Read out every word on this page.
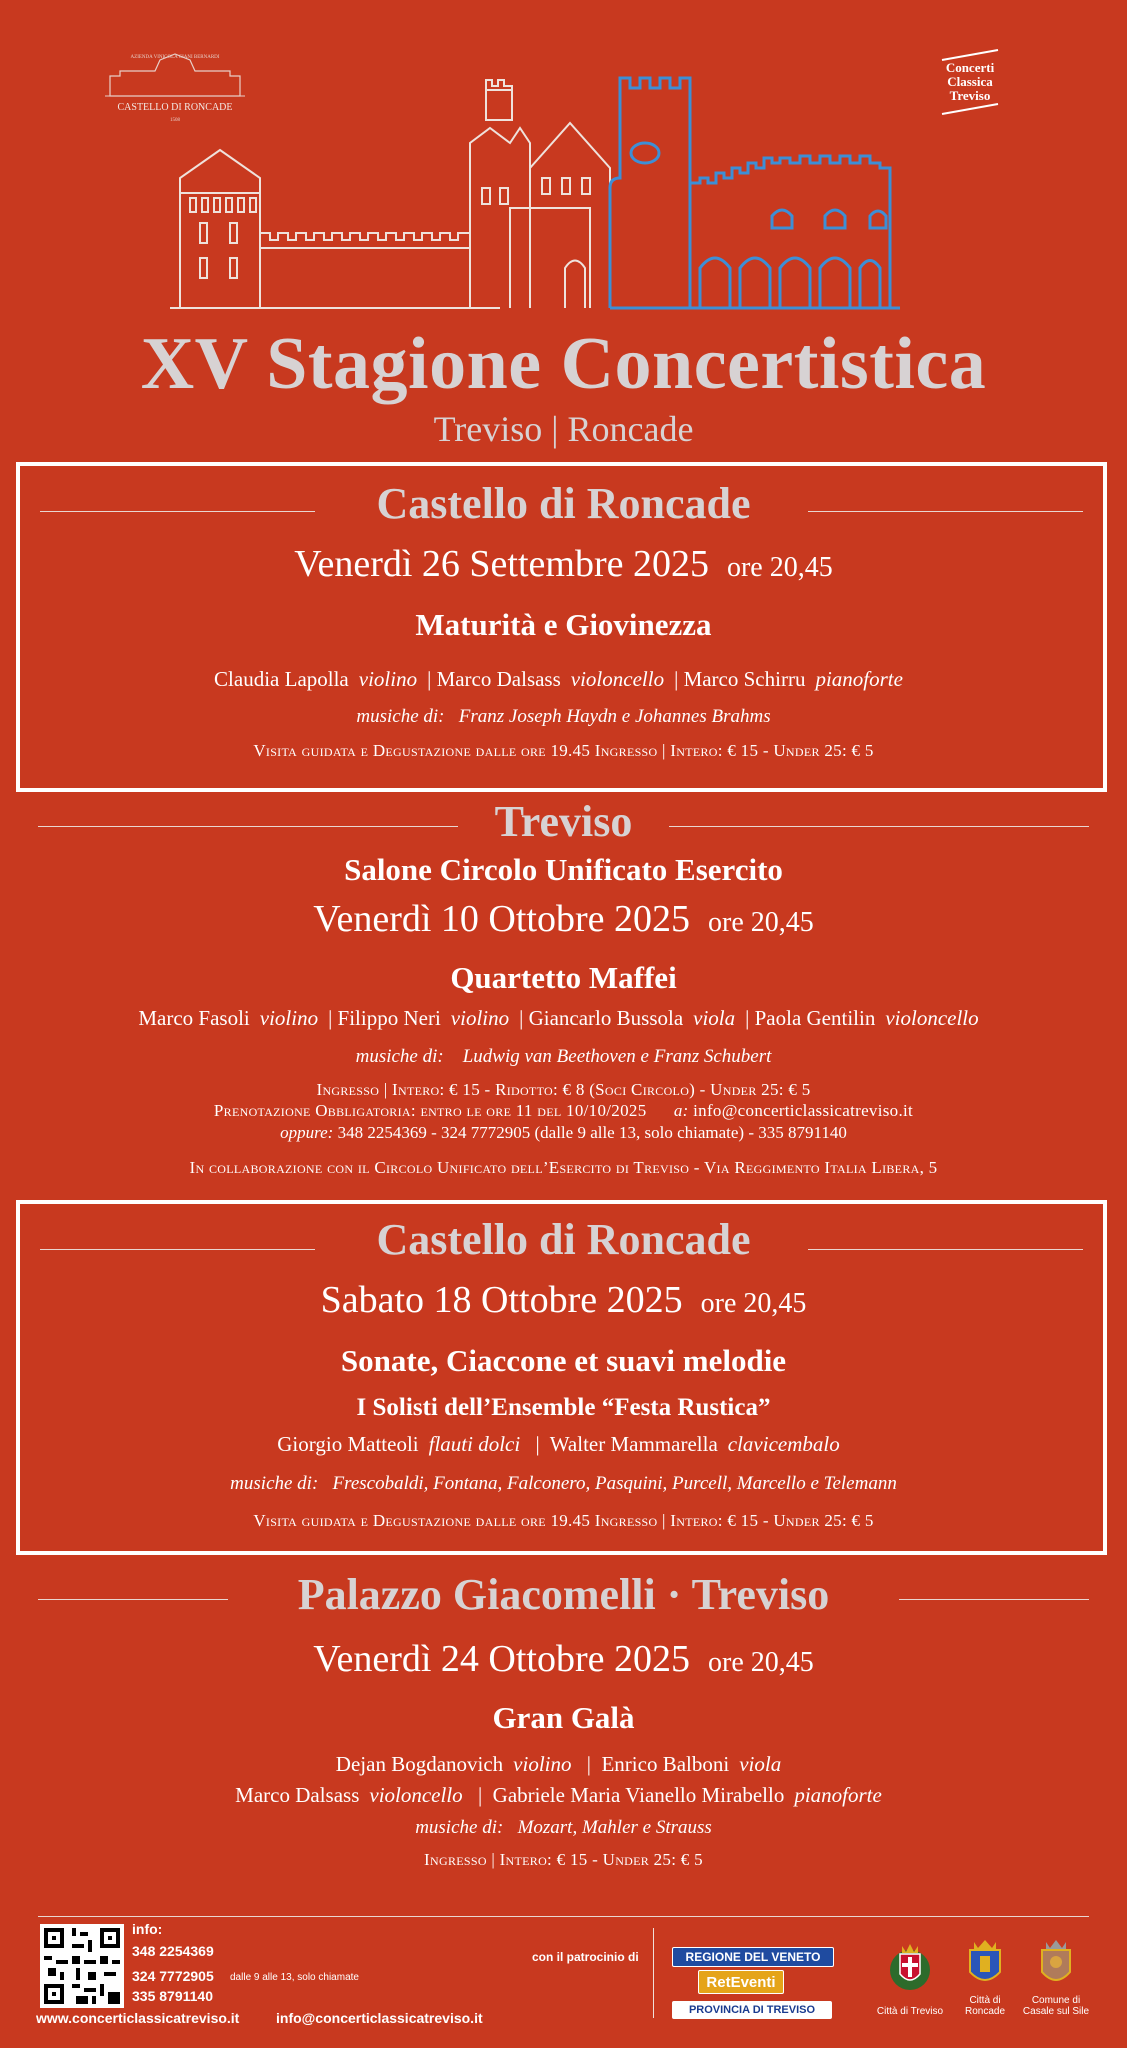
AZIENDA VINICOLA CIANI BERNARDI
CASTELLO DI RONCADE
1508
Concerti
Classica
Treviso
XV Stagione Concertistica
Treviso | Roncade
Castello di Roncade
Venerdì 26 Settembre 2025 ore 20,45
Maturità e Giovinezza
Claudia Lapolla violino | Marco Dalsass violoncello | Marco Schirru pianoforte
musiche di: Franz Joseph Haydn e Johannes Brahms
Visita guidata e Degustazione dalle ore 19.45 Ingresso | Intero: € 15 - Under 25: € 5
Treviso
Salone Circolo Unificato Esercito
Venerdì 10 Ottobre 2025 ore 20,45
Quartetto Maffei
Marco Fasoli violino | Filippo Neri violino | Giancarlo Bussola viola | Paola Gentilin violoncello
musiche di: Ludwig van Beethoven e Franz Schubert
Ingresso | Intero: € 15 - Ridotto: € 8 (Soci Circolo) - Under 25: € 5
Prenotazione Obbligatoria: entro le ore 11 del 10/10/2025 a: info@concerticlassicatreviso.it
oppure: 348 2254369 - 324 7772905 (dalle 9 alle 13, solo chiamate) - 335 8791140
In collaborazione con il Circolo Unificato dell’Esercito di Treviso - Via Reggimento Italia Libera, 5
Castello di Roncade
Sabato 18 Ottobre 2025 ore 20,45
Sonate, Ciaccone et suavi melodie
I Solisti dell’Ensemble “Festa Rustica”
Giorgio Matteoli flauti dolci |  Walter Mammarella clavicembalo
musiche di: Frescobaldi, Fontana, Falconero, Pasquini, Purcell, Marcello e Telemann
Visita guidata e Degustazione dalle ore 19.45 Ingresso | Intero: € 15 - Under 25: € 5
Palazzo Giacomelli · Treviso
Venerdì 24 Ottobre 2025 ore 20,45
Gran Galà
Dejan Bogdanovich violino |  Enrico Balboni viola
Marco Dalsass violoncello |  Gabriele Maria Vianello Mirabello pianoforte
musiche di: Mozart, Mahler e Strauss
Ingresso | Intero: € 15 - Under 25: € 5
info:
348 2254369
324 7772905 dalle 9 alle 13, solo chiamate
335 8791140
www.concerticlassicatreviso.it	info@concerticlassicatreviso.it
con il patrocinio di	REGIONE DEL VENETO
RetEventi
PROVINCIA DI TREVISO	Città di Treviso
Città di Roncade
Comune di Casale sul Sile
